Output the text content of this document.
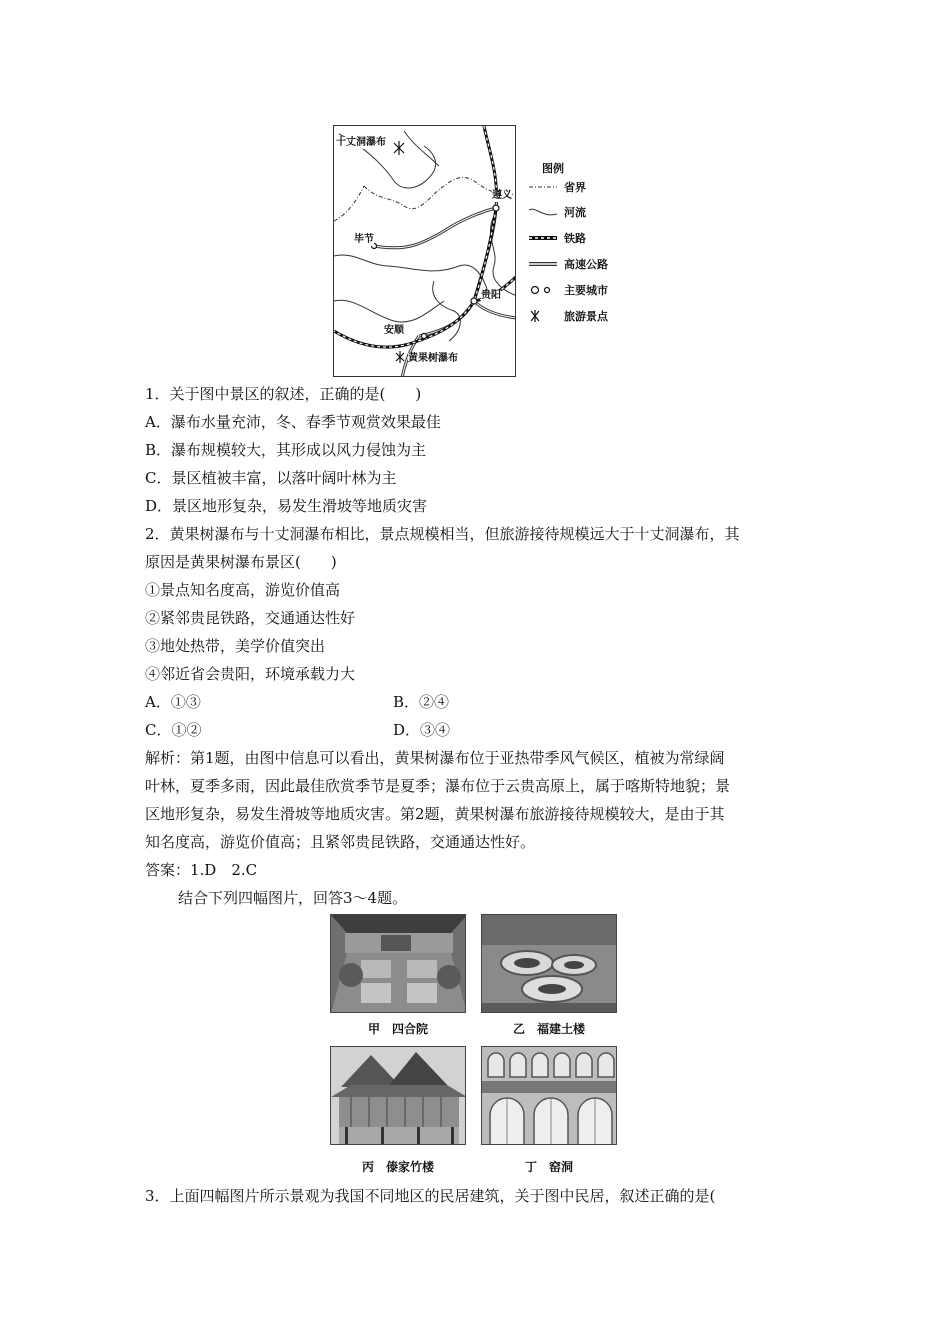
十丈洞瀑布
遵义
毕节
贵阳
安顺
黄果树瀑布
图例
省界
河流
铁路
高速公路
主要城市
旅游景点
1．关于图中景区的叙述，正确的是(　　)
A．瀑布水量充沛，冬、春季节观赏效果最佳
B．瀑布规模较大，其形成以风力侵蚀为主
C．景区植被丰富，以落叶阔叶林为主
D．景区地形复杂，易发生滑坡等地质灾害
2．黄果树瀑布与十丈洞瀑布相比，景点规模相当，但旅游接待规模远大于十丈洞瀑布，其
原因是黄果树瀑布景区(　　)
①景点知名度高，游览价值高
②紧邻贵昆铁路，交通通达性好
③地处热带，美学价值突出
④邻近省会贵阳，环境承载力大
A．①③	B．②④
C．①②	D．③④
解析：第1题，由图中信息可以看出，黄果树瀑布位于亚热带季风气候区，植被为常绿阔
叶林，夏季多雨，因此最佳欣赏季节是夏季；瀑布位于云贵高原上，属于喀斯特地貌；景
区地形复杂，易发生滑坡等地质灾害。第2题，黄果树瀑布旅游接待规模较大，是由于其
知名度高，游览价值高；且紧邻贵昆铁路，交通通达性好。
答案：1.D　2.C
结合下列四幅图片，回答3～4题。
甲　四合院	乙　福建土楼
丙　傣家竹楼	丁　窑洞
3．上面四幅图片所示景观为我国不同地区的民居建筑，关于图中民居，叙述正确的是(
